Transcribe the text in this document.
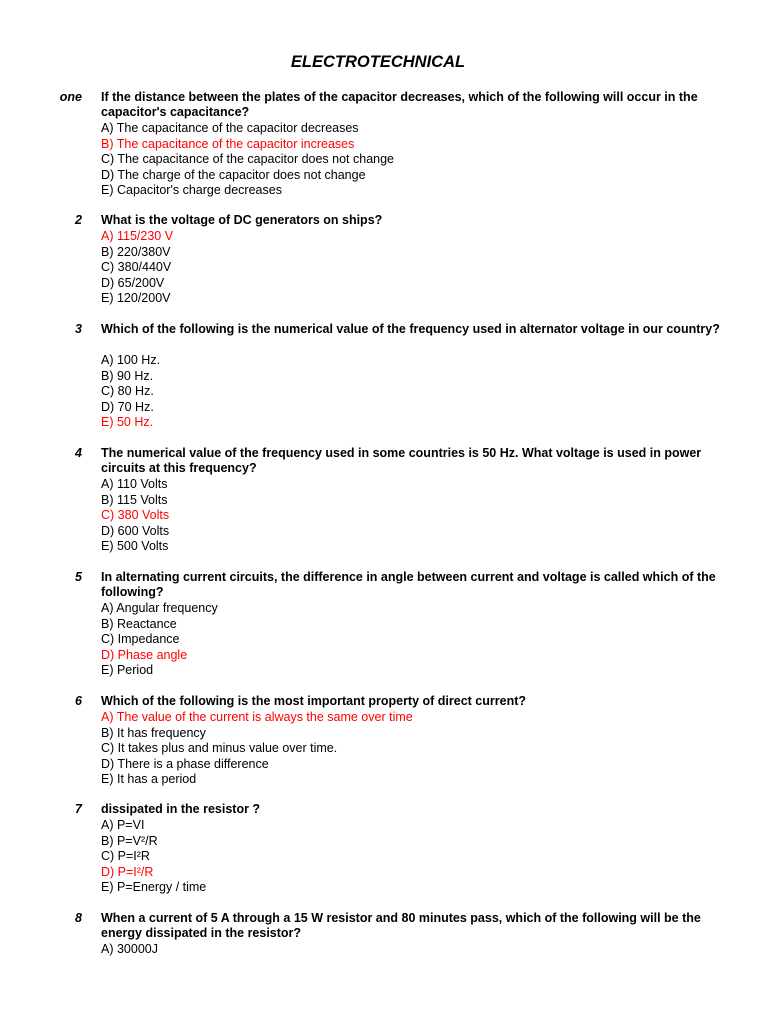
ELECTROTECHNICAL
one If the distance between the plates of the capacitor decreases, which of the following will occur in the capacitor's capacitance?
A) The capacitance of the capacitor decreases
B) The capacitance of the capacitor increases
C) The capacitance of the capacitor does not change
D) The charge of the capacitor does not change
E) Capacitor's charge decreases
2 What is the voltage of DC generators on ships?
A) 115/230 V
B) 220/380V
C) 380/440V
D) 65/200V
E) 120/200V
3 Which of the following is the numerical value of the frequency used in alternator voltage in our country?
A) 100 Hz.
B) 90 Hz.
C) 80 Hz.
D) 70 Hz.
E) 50 Hz.
4 The numerical value of the frequency used in some countries is 50 Hz. What voltage is used in power circuits at this frequency?
A) 110 Volts
B) 115 Volts
C) 380 Volts
D) 600 Volts
E) 500 Volts
5 In alternating current circuits, the difference in angle between current and voltage is called which of the following?
A) Angular frequency
B) Reactance
C) Impedance
D) Phase angle
E) Period
6 Which of the following is the most important property of direct current?
A) The value of the current is always the same over time
B) It has frequency
C) It takes plus and minus value over time.
D) There is a phase difference
E) It has a period
7 dissipated in the resistor ?
A) P=VI
B) P=V²/R
C) P=I²R
D) P=I²/R
E) P=Energy / time
8 When a current of 5 A through a 15 W resistor and 80 minutes pass, which of the following will be the energy dissipated in the resistor?
A) 30000J
